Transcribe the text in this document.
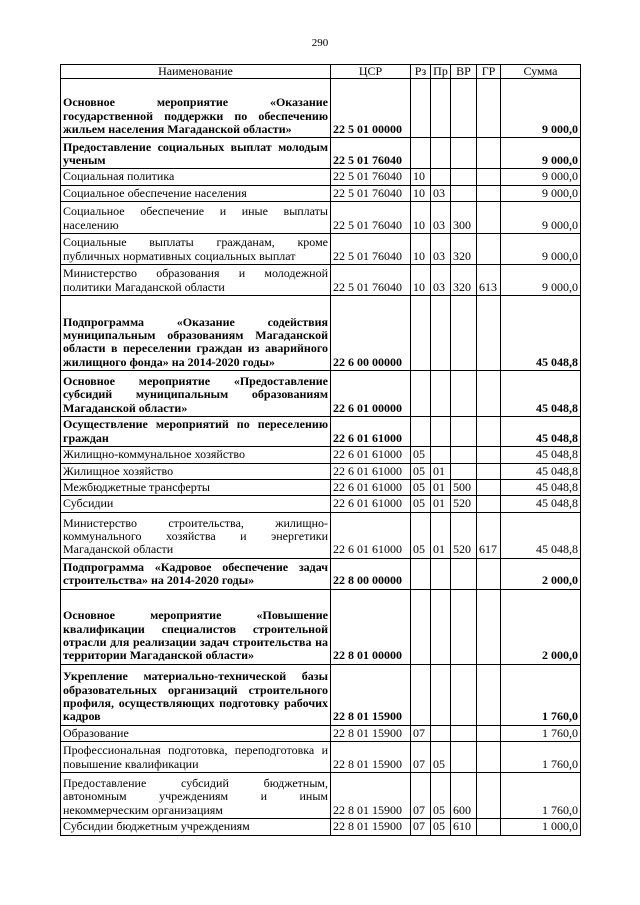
290
Наименование	ЦСР	Рз	Пр	ВР	ГР	Сумма
Основное мероприятие «Оказание государственной поддержки по обеспечению жильем населения Магаданской области»	22 5 01 00000					9 000,0
Предоставление социальных выплат молодым ученым	22 5 01 76040					9 000,0
Социальная политика	22 5 01 76040	10				9 000,0
Социальное обеспечение населения	22 5 01 76040	10	03			9 000,0
Социальное обеспечение и иные выплаты населению	22 5 01 76040	10	03	300		9 000,0
Социальные выплаты гражданам, кроме публичных нормативных социальных выплат	22 5 01 76040	10	03	320		9 000,0
Министерство образования и молодежной политики Магаданской области	22 5 01 76040	10	03	320	613	9 000,0
Подпрограмма «Оказание содействия муниципальным образованиям Магаданской области в переселении граждан из аварийного жилищного фонда» на 2014-2020 годы»	22 6 00 00000					45 048,8
Основное мероприятие «Предоставление субсидий муниципальным образованиям Магаданской области»	22 6 01 00000					45 048,8
Осуществление мероприятий по переселению граждан	22 6 01 61000					45 048,8
Жилищно-коммунальное хозяйство	22 6 01 61000	05				45 048,8
Жилищное хозяйство	22 6 01 61000	05	01			45 048,8
Межбюджетные трансферты	22 6 01 61000	05	01	500		45 048,8
Субсидии	22 6 01 61000	05	01	520		45 048,8
Министерство строительства, жилищно-коммунального хозяйства и энергетики Магаданской области	22 6 01 61000	05	01	520	617	45 048,8
Подпрограмма «Кадровое обеспечение задач строительства» на 2014-2020 годы»	22 8 00 00000					2 000,0
Основное мероприятие «Повышение квалификации специалистов строительной отрасли для реализации задач строительства на территории Магаданской области»	22 8 01 00000					2 000,0
Укрепление материально-технической базы образовательных организаций строительного профиля, осуществляющих подготовку рабочих кадров	22 8 01 15900					1 760,0
Образование	22 8 01 15900	07				1 760,0
Профессиональная подготовка, переподготовка и повышение квалификации	22 8 01 15900	07	05			1 760,0
Предоставление субсидий бюджетным, автономным учреждениям и иным некоммерческим организациям	22 8 01 15900	07	05	600		1 760,0
Субсидии бюджетным учреждениям	22 8 01 15900	07	05	610		1 000,0
